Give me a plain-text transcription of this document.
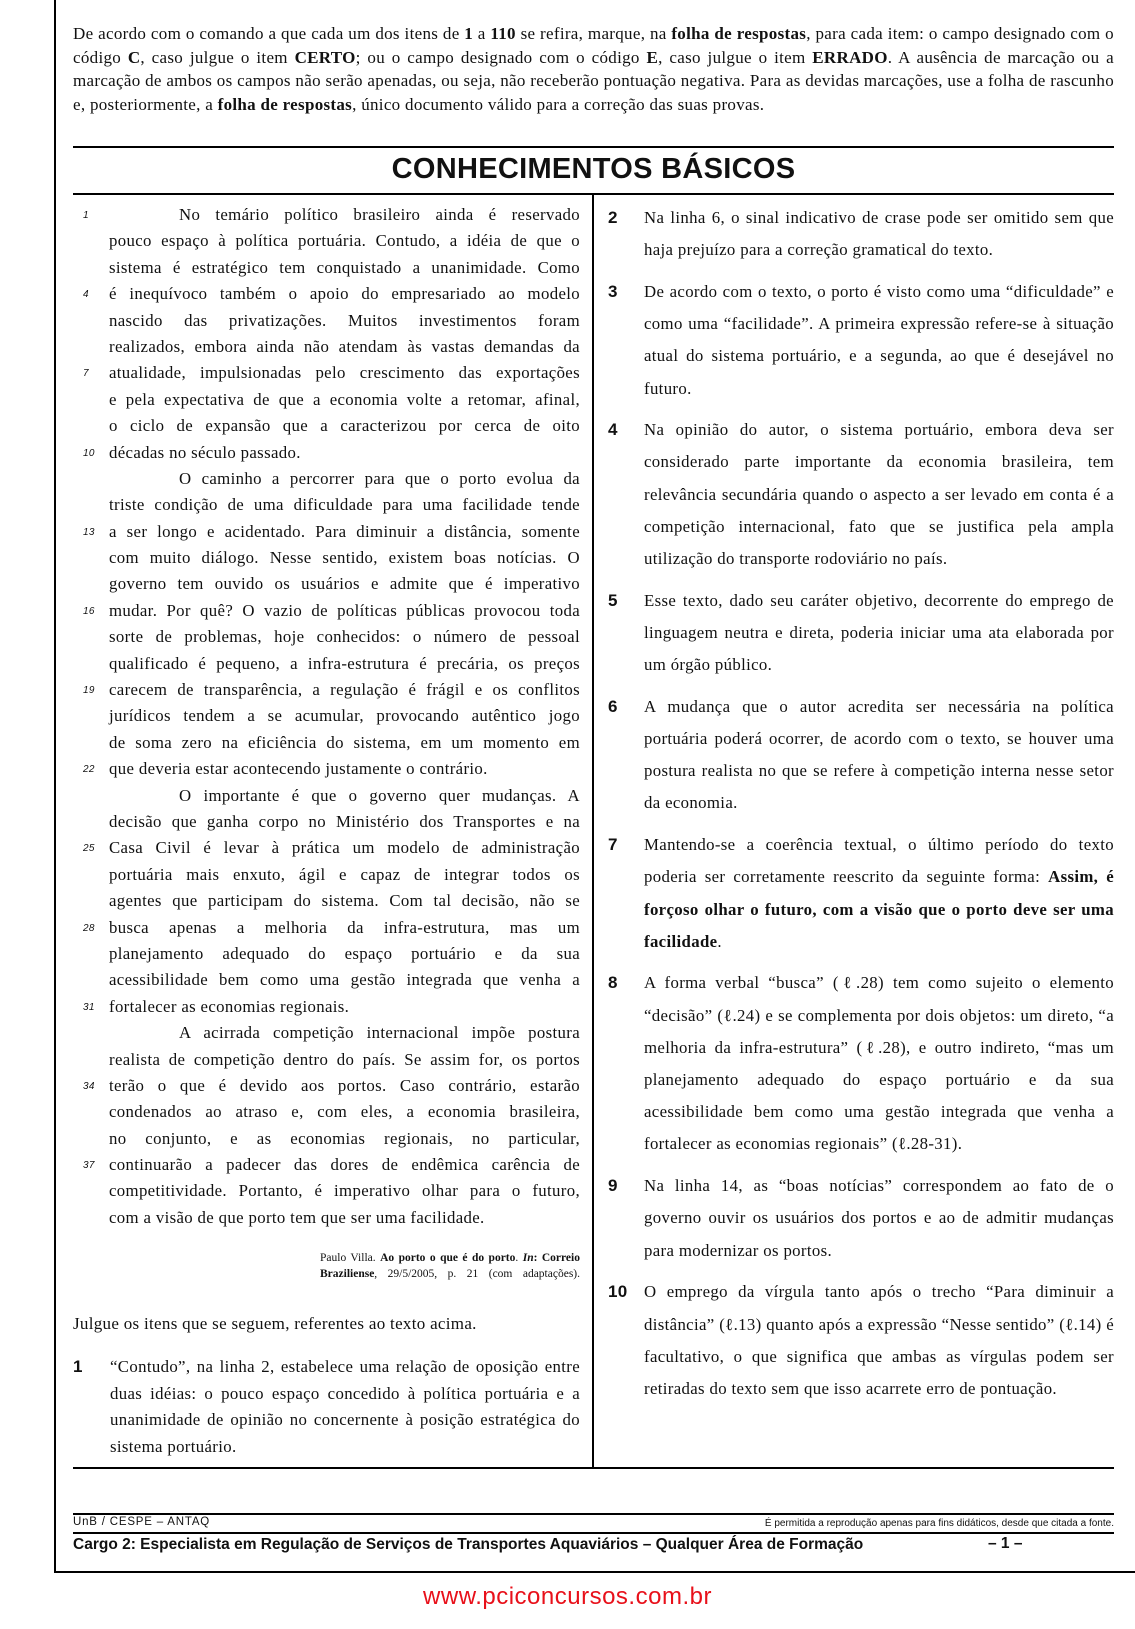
De acordo com o comando a que cada um dos itens de 1 a 110 se refira, marque, na folha de respostas, para cada item: o campo designado com o código C, caso julgue o item CERTO; ou o campo designado com o código E, caso julgue o item ERRADO. A ausência de marcação ou a marcação de ambos os campos não serão apenadas, ou seja, não receberão pontuação negativa. Para as devidas marcações, use a folha de rascunho e, posteriormente, a folha de respostas, único documento válido para a correção das suas provas.
CONHECIMENTOS BÁSICOS
1	No temário político brasileiro ainda é reservado
pouco espaço à política portuária. Contudo, a idéia de que o
sistema é estratégico tem conquistado a unanimidade. Como
4 é inequívoco também o apoio do empresariado ao modelo
nascido das privatizações. Muitos investimentos foram
realizados, embora ainda não atendam às vastas demandas da
7 atualidade, impulsionadas pelo crescimento das exportações
e pela expectativa de que a economia volte a retomar, afinal,
o ciclo de expansão que a caracterizou por cerca de oito
10 décadas no século passado.
O caminho a percorrer para que o porto evolua da
triste condição de uma dificuldade para uma facilidade tende
13 a ser longo e acidentado. Para diminuir a distância, somente
com muito diálogo. Nesse sentido, existem boas notícias. O
governo tem ouvido os usuários e admite que é imperativo
16 mudar. Por quê? O vazio de políticas públicas provocou toda
sorte de problemas, hoje conhecidos: o número de pessoal
qualificado é pequeno, a infra-estrutura é precária, os preços
19 carecem de transparência, a regulação é frágil e os conflitos
jurídicos tendem a se acumular, provocando autêntico jogo
de soma zero na eficiência do sistema, em um momento em
22 que deveria estar acontecendo justamente o contrário.
O importante é que o governo quer mudanças. A
decisão que ganha corpo no Ministério dos Transportes e na
25 Casa Civil é levar à prática um modelo de administração
portuária mais enxuto, ágil e capaz de integrar todos os
agentes que participam do sistema. Com tal decisão, não se
28 busca apenas a melhoria da infra-estrutura, mas um
planejamento adequado do espaço portuário e da sua
acessibilidade bem como uma gestão integrada que venha a
31 fortalecer as economias regionais.
A acirrada competição internacional impõe postura
realista de competição dentro do país. Se assim for, os portos
34 terão o que é devido aos portos. Caso contrário, estarão
condenados ao atraso e, com eles, a economia brasileira,
no conjunto, e as economias regionais, no particular,
37 continuarão a padecer das dores de endêmica carência de
competitividade. Portanto, é imperativo olhar para o futuro,
com a visão de que porto tem que ser uma facilidade.
Paulo Villa. Ao porto o que é do porto. In: Correio Braziliense, 29/5/2005, p. 21 (com adaptações).
Julgue os itens que se seguem, referentes ao texto acima.
1	“Contudo”, na linha 2, estabelece uma relação de oposição entre duas idéias: o pouco espaço concedido à política portuária e a unanimidade de opinião no concernente à posição estratégica do sistema portuário.
2	Na linha 6, o sinal indicativo de crase pode ser omitido sem que haja prejuízo para a correção gramatical do texto.
3	De acordo com o texto, o porto é visto como uma “dificuldade” e como uma “facilidade”. A primeira expressão refere-se à situação atual do sistema portuário, e a segunda, ao que é desejável no futuro.
4	Na opinião do autor, o sistema portuário, embora deva ser considerado parte importante da economia brasileira, tem relevância secundária quando o aspecto a ser levado em conta é a competição internacional, fato que se justifica pela ampla utilização do transporte rodoviário no país.
5	Esse texto, dado seu caráter objetivo, decorrente do emprego de linguagem neutra e direta, poderia iniciar uma ata elaborada por um órgão público.
6	A mudança que o autor acredita ser necessária na política portuária poderá ocorrer, de acordo com o texto, se houver uma postura realista no que se refere à competição interna nesse setor da economia.
7	Mantendo-se a coerência textual, o último período do texto poderia ser corretamente reescrito da seguinte forma: Assim, é forçoso olhar o futuro, com a visão que o porto deve ser uma facilidade.
8	A forma verbal “busca” (ℓ.28) tem como sujeito o elemento “decisão” (ℓ.24) e se complementa por dois objetos: um direto, “a melhoria da infra-estrutura” (ℓ.28), e outro indireto, “mas um planejamento adequado do espaço portuário e da sua acessibilidade bem como uma gestão integrada que venha a fortalecer as economias regionais” (ℓ.28-31).
9	Na linha 14, as “boas notícias” correspondem ao fato de o governo ouvir os usuários dos portos e ao de admitir mudanças para modernizar os portos.
10 O emprego da vírgula tanto após o trecho “Para diminuir a distância” (ℓ.13) quanto após a expressão “Nesse sentido” (ℓ.14) é facultativo, o que significa que ambas as vírgulas podem ser retiradas do texto sem que isso acarrete erro de pontuação.
UnB / CESPE – ANTAQ	É permitida a reprodução apenas para fins didáticos, desde que citada a fonte.
Cargo 2: Especialista em Regulação de Serviços de Transportes Aquaviários – Qualquer Área de Formação	– 1 –
www.pciconcursos.com.br
